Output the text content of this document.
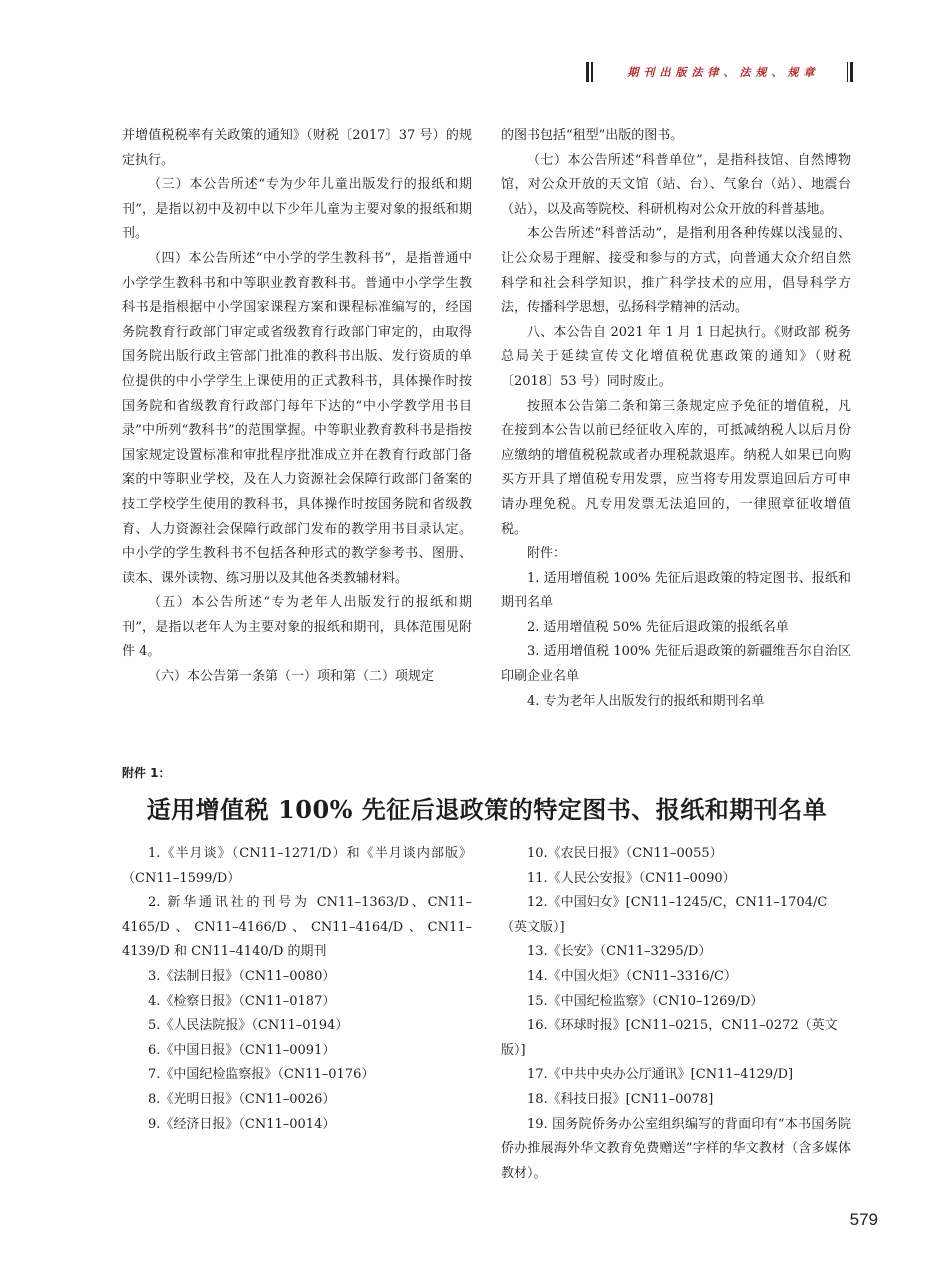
期刊出版法律、法规、规章

并增值税税率有关政策的通知》（财税〔2017〕37 号）的规定执行。

（三）本公告所述“专为少年儿童出版发行的报纸和期刊”，是指以初中及初中以下少年儿童为主要对象的报纸和期刊。

（四）本公告所述“中小学的学生教科书”，是指普通中小学学生教科书和中等职业教育教科书。普通中小学学生教科书是指根据中小学国家课程方案和课程标准编写的，经国务院教育行政部门审定或省级教育行政部门审定的，由取得国务院出版行政主管部门批准的教科书出版、发行资质的单位提供的中小学学生上课使用的正式教科书，具体操作时按国务院和省级教育行政部门每年下达的“中小学教学用书目录”中所列“教科书”的范围掌握。中等职业教育教科书是指按国家规定设置标准和审批程序批准成立并在教育行政部门备案的中等职业学校，及在人力资源社会保障行政部门备案的技工学校学生使用的教科书，具体操作时按国务院和省级教育、人力资源社会保障行政部门发布的教学用书目录认定。中小学的学生教科书不包括各种形式的教学参考书、图册、读本、课外读物、练习册以及其他各类教辅材料。

（五）本公告所述“专为老年人出版发行的报纸和期刊”，是指以老年人为主要对象的报纸和期刊，具体范围见附件 4。

（六）本公告第一条第（一）项和第（二）项规定

的图书包括“租型”出版的图书。

（七）本公告所述“科普单位”，是指科技馆、自然博物馆，对公众开放的天文馆（站、台）、气象台（站）、地震台（站），以及高等院校、科研机构对公众开放的科普基地。

本公告所述“科普活动”，是指利用各种传媒以浅显的、让公众易于理解、接受和参与的方式，向普通大众介绍自然科学和社会科学知识，推广科学技术的应用，倡导科学方法，传播科学思想，弘扬科学精神的活动。

八、本公告自 2021 年 1 月 1 日起执行。《财政部 税务总局关于延续宣传文化增值税优惠政策的通知》（财税〔2018〕53 号）同时废止。

按照本公告第二条和第三条规定应予免征的增值税，凡在接到本公告以前已经征收入库的，可抵减纳税人以后月份应缴纳的增值税税款或者办理税款退库。纳税人如果已向购买方开具了增值税专用发票，应当将专用发票追回后方可申请办理免税。凡专用发票无法追回的，一律照章征收增值税。

附件：

1. 适用增值税 100% 先征后退政策的特定图书、报纸和期刊名单

2. 适用增值税 50% 先征后退政策的报纸名单

3. 适用增值税 100% 先征后退政策的新疆维吾尔自治区印刷企业名单

4. 专为老年人出版发行的报纸和期刊名单

附件 1：
适用增值税 100% 先征后退政策的特定图书、报纸和期刊名单

1.《半月谈》（CN11–1271/D）和《半月谈内部版》（CN11–1599/D）

2. 新华通讯社的刊号为 CN11–1363/D、CN11–4165/D、CN11–4166/D、CN11–4164/D、CN11–4139/D 和 CN11–4140/D 的期刊

3.《法制日报》（CN11–0080）

4.《检察日报》（CN11–0187）

5.《人民法院报》（CN11–0194）

6.《中国日报》（CN11–0091）

7.《中国纪检监察报》（CN11–0176）

8.《光明日报》（CN11–0026）

9.《经济日报》（CN11–0014）

10.《农民日报》（CN11–0055）

11.《人民公安报》（CN11–0090）

12.《中国妇女》[CN11–1245/C，CN11–1704/C（英文版）]

13.《长安》（CN11–3295/D）

14.《中国火炬》（CN11–3316/C）

15.《中国纪检监察》（CN10–1269/D）

16.《环球时报》[CN11–0215，CN11–0272（英文版）]

17.《中共中央办公厅通讯》[CN11–4129/D]

18.《科技日报》[CN11–0078]

19. 国务院侨务办公室组织编写的背面印有“本书国务院侨办推展海外华文教育免费赠送”字样的华文教材（含多媒体教材）。

579
